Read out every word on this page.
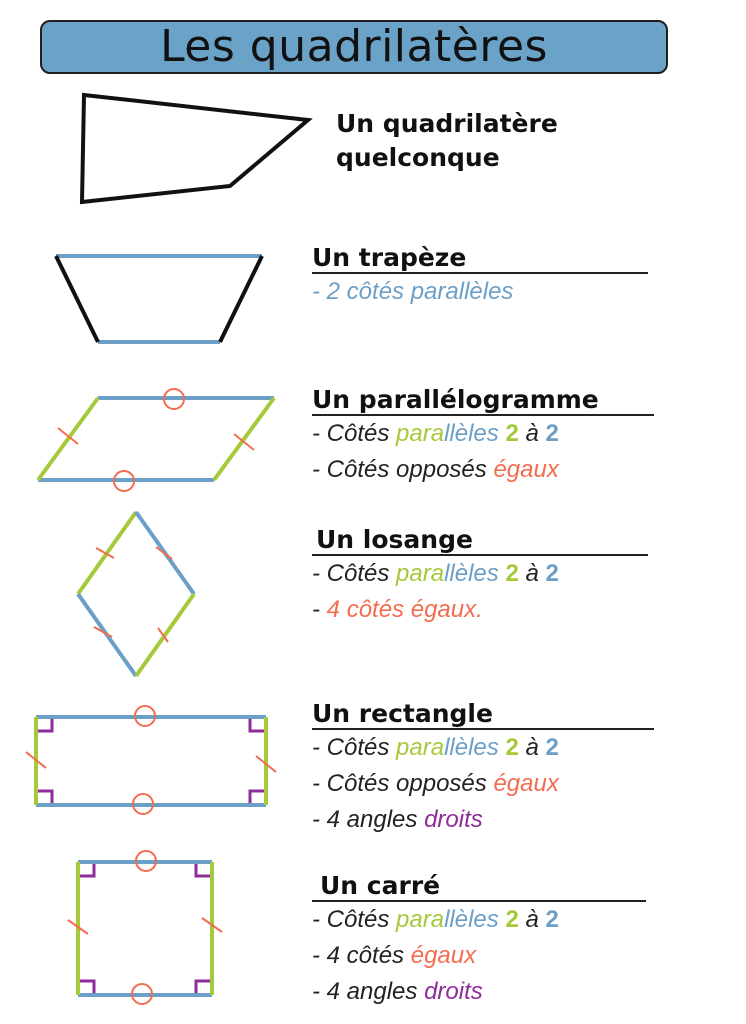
Les quadrilatères
Un quadrilatère
quelconque
Un trapèze
- 2 côtés parallèles
Un parallélogramme
- Côtés parallèles 2 à 2
- Côtés opposés égaux
Un losange
- Côtés parallèles 2 à 2
- 4 côtés égaux.
Un rectangle
- Côtés parallèles 2 à 2
- Côtés opposés égaux
- 4 angles droits
Un carré
- Côtés parallèles 2 à 2
- 4 côtés égaux
- 4 angles droits
